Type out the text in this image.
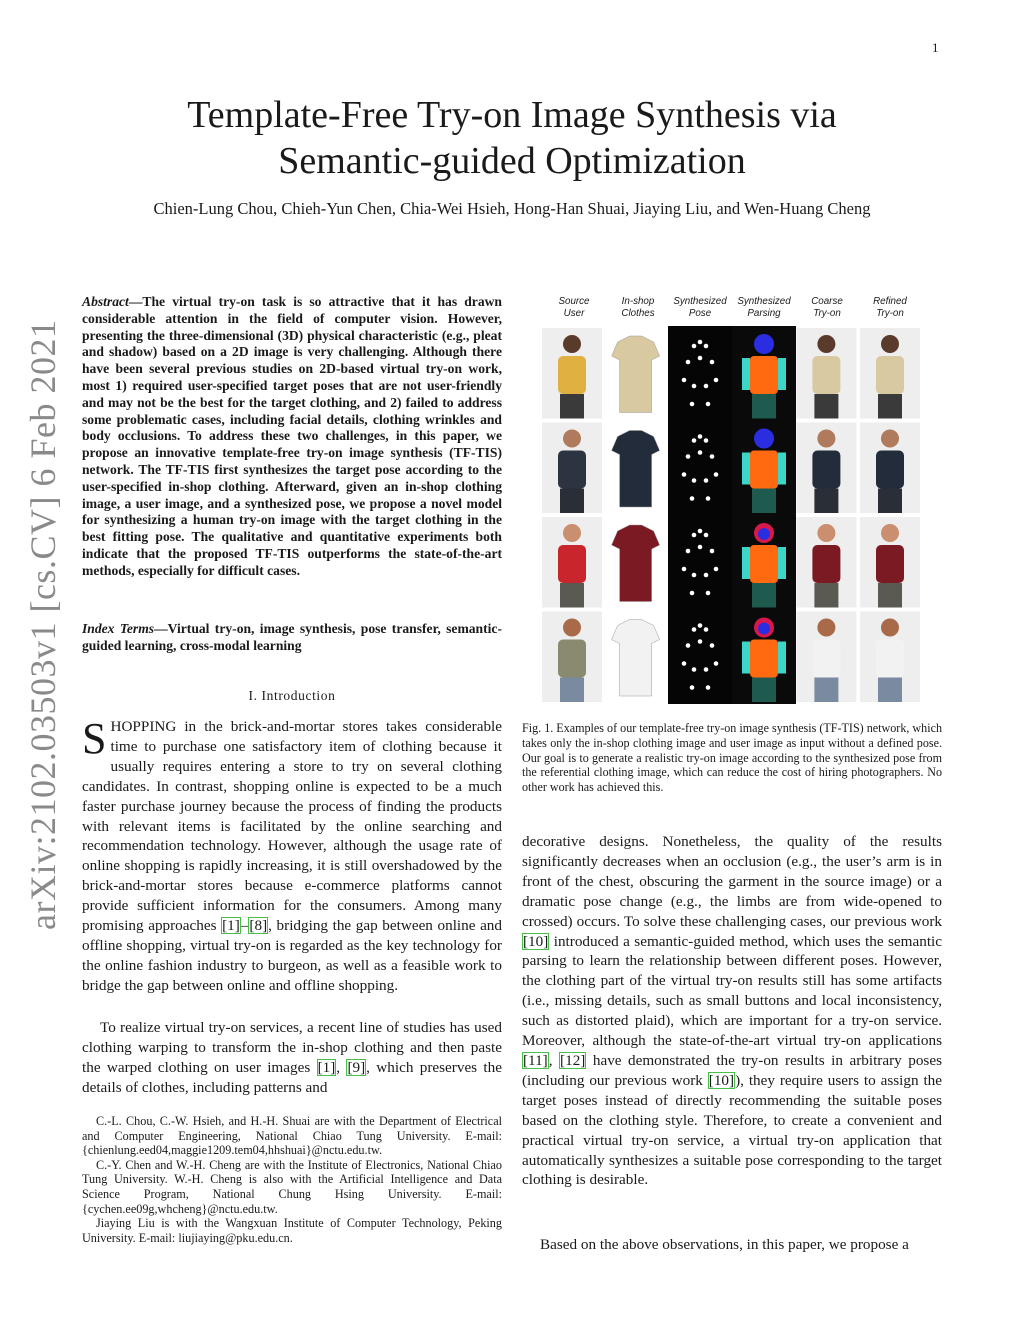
1
arXiv:2102.03503v1 [cs.CV] 6 Feb 2021
Template-Free Try-on Image Synthesis via
Semantic-guided Optimization
Chien-Lung Chou, Chieh-Yun Chen, Chia-Wei Hsieh, Hong-Han Shuai, Jiaying Liu, and Wen-Huang Cheng
Abstract—The virtual try-on task is so attractive that it has drawn considerable attention in the field of computer vision. However, presenting the three-dimensional (3D) physical characteristic (e.g., pleat and shadow) based on a 2D image is very challenging. Although there have been several previous studies on 2D-based virtual try-on work, most 1) required user-specified target poses that are not user-friendly and may not be the best for the target clothing, and 2) failed to address some problematic cases, including facial details, clothing wrinkles and body occlusions. To address these two challenges, in this paper, we propose an innovative template-free try-on image synthesis (TF-TIS) network. The TF-TIS first synthesizes the target pose according to the user-specified in-shop clothing. Afterward, given an in-shop clothing image, a user image, and a synthesized pose, we propose a novel model for synthesizing a human try-on image with the target clothing in the best fitting pose. The qualitative and quantitative experiments both indicate that the proposed TF-TIS outperforms the state-of-the-art methods, especially for difficult cases.
Index Terms—Virtual try-on, image synthesis, pose transfer, semantic-guided learning, cross-modal learning
I. Introduction
SHOPPING in the brick-and-mortar stores takes considerable time to purchase one satisfactory item of clothing because it usually requires entering a store to try on several clothing candidates. In contrast, shopping online is expected to be a much faster purchase journey because the process of finding the products with relevant items is facilitated by the online searching and recommendation technology. However, although the usage rate of online shopping is rapidly increasing, it is still overshadowed by the brick-and-mortar stores because e-commerce platforms cannot provide sufficient information for the consumers. Among many promising approaches [1]–[8], bridging the gap between online and offline shopping, virtual try-on is regarded as the key technology for the online fashion industry to burgeon, as well as a feasible work to bridge the gap between online and offline shopping.
To realize virtual try-on services, a recent line of studies has used clothing warping to transform the in-shop clothing and then paste the warped clothing on user images [1], [9], which preserves the details of clothes, including patterns and

C.-L. Chou, C.-W. Hsieh, and H.-H. Shuai are with the Department of Electrical and Computer Engineering, National Chiao Tung University. E-mail: {chienlung.eed04,maggie1209.tem04,hhshuai}@nctu.edu.tw.

C.-Y. Chen and W.-H. Cheng are with the Institute of Electronics, National Chiao Tung University. W.-H. Cheng is also with the Artificial Intelligence and Data Science Program, National Chung Hsing University. E-mail: {cychen.ee09g,whcheng}@nctu.edu.tw.

Jiaying Liu is with the Wangxuan Institute of Computer Technology, Peking University. E-mail: liujiaying@pku.edu.cn.

Source
User
In-shop
Clothes
Synthesized
Pose
Synthesized
Parsing
Coarse
Try-on
Refined
Try-on
Fig. 1. Examples of our template-free try-on image synthesis (TF-TIS) network, which takes only the in-shop clothing image and user image as input without a defined pose. Our goal is to generate a realistic try-on image according to the synthesized pose from the referential clothing image, which can reduce the cost of hiring photographers. No other work has achieved this.
decorative designs. Nonetheless, the quality of the results significantly decreases when an occlusion (e.g., the user’s arm is in front of the chest, obscuring the garment in the source image) or a dramatic pose change (e.g., the limbs are from wide-opened to crossed) occurs. To solve these challenging cases, our previous work [10] introduced a semantic-guided method, which uses the semantic parsing to learn the relationship between different poses. However, the clothing part of the virtual try-on results still has some artifacts (i.e., missing details, such as small buttons and local inconsistency, such as distorted plaid), which are important for a try-on service. Moreover, although the state-of-the-art virtual try-on applications [11], [12] have demonstrated the try-on results in arbitrary poses (including our previous work [10]), they require users to assign the target poses instead of directly recommending the suitable poses based on the clothing style. Therefore, to create a convenient and practical virtual try-on service, a virtual try-on application that automatically synthesizes a suitable pose corresponding to the target clothing is desirable.
Based on the above observations, in this paper, we propose a
